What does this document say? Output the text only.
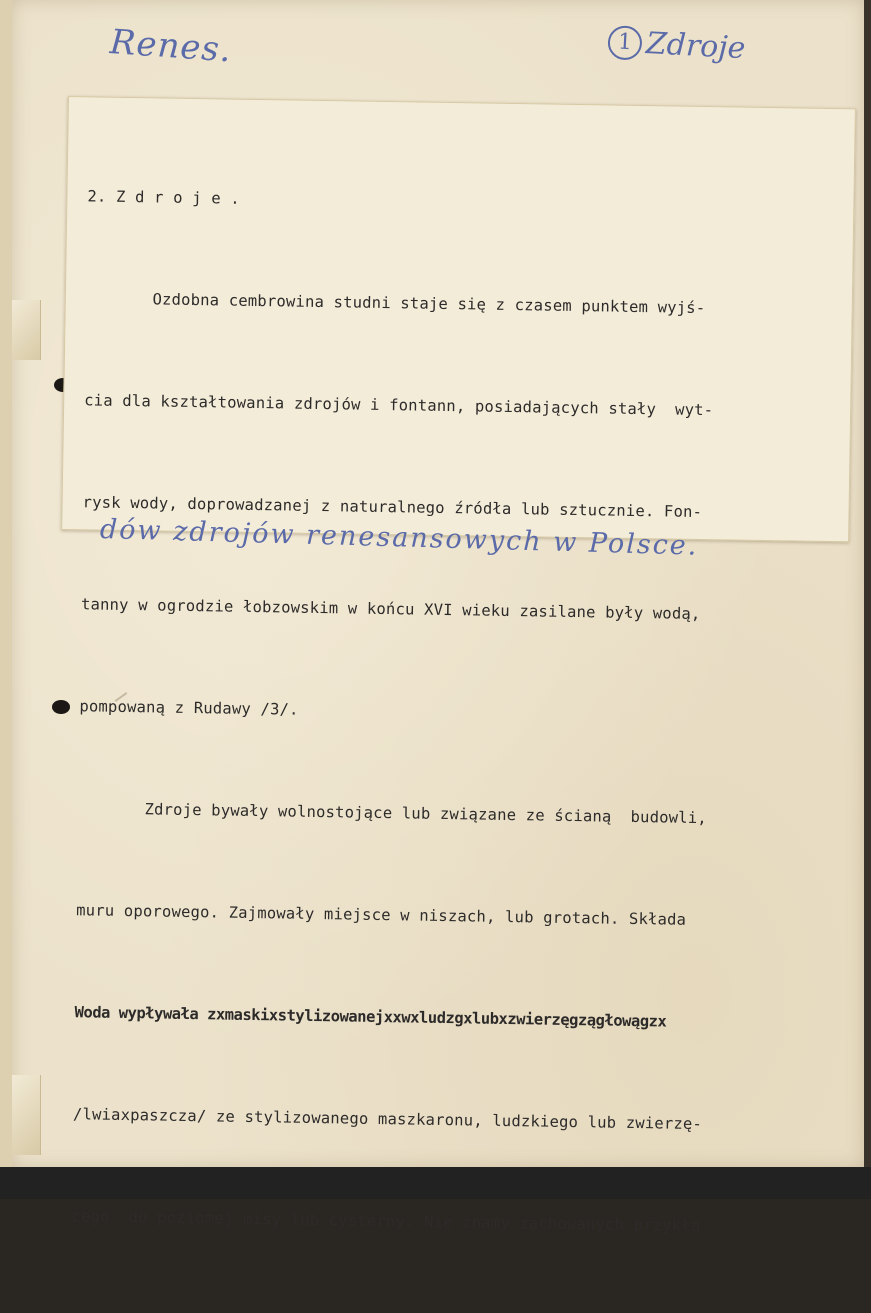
Renes.	1 Zdroje

2. Z d r o j e .

Ozdobna cembrowina studni staje się z czasem punktem wyjś-

cia dla kształtowania zdrojów i fontann, posiadających stały  wyt-

rysk wody, doprowadzanej z naturalnego źródła lub sztucznie. Fon-

tanny w ogrodzie łobzowskim w końcu XVI wieku zasilane były wodą,

pompowaną z Rudawy /3/.

Zdroje bywały wolnostojące lub związane ze ścianą  budowli,

muru oporowego. Zajmowały miejsce w niszach, lub grotach. Składa

Woda wypływała zxmaskixstylizowanejxxwxludzgxlubxzwierzęgzągłowągzx

/lwiaxpaszcza/ ze stylizowanego maszkaronu, ludzkiego lub zwierzę-

cego  do poziomej misy lub cysterny. Nie znamy zachowanych przykła

dów zdrojów renesansowych w Polsce.
